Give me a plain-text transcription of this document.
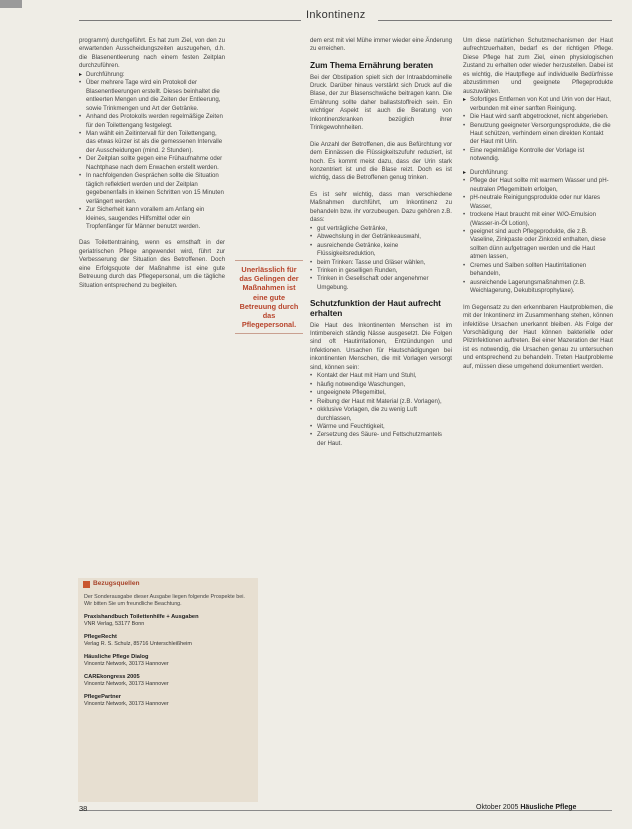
Inkontinenz

programm) durchgeführt. Es hat zum Ziel, von den zu erwartenden Ausscheidungszeiten auszugehen, d.h. die Blasenentleerung nach einem festen Zeitplan durchzuführen.

▸ Durchführung:
• Über mehrere Tage wird ein Protokoll der Blasenentleerungen erstellt. Dieses beinhaltet die entleerten Mengen und die Zeiten der Entleerung, sowie Trinkmengen und Art der Getränke.
• Anhand des Protokolls werden regelmäßige Zeiten für den Toilettengang festgelegt.
• Man wählt ein Zeitintervall für den Toilettengang, das etwas kürzer ist als die gemessenen Intervalle der Ausscheidungen (mind. 2 Stunden).
• Der Zeitplan sollte gegen eine Frühaufnahme oder Nachtphase nach dem Erwachen erstellt werden.
• In nachfolgenden Gesprächen sollte die Situation täglich reflektiert werden und der Zeitplan gegebenenfalls in kleinen Schritten von 15 Minuten verlängert werden.
• Zur Sicherheit kann vorallem am Anfang ein kleines, saugendes Hilfsmittel oder ein Tropfenfänger für Männer benutzt werden.

Das Toilettentraining, wenn es ernsthaft in der geriatrischen Pflege angewendet wird, führt zur Verbesserung der Situation des Betroffenen. Doch eine Erfolgsquote der Maßnahme ist eine gute Betreuung durch das Pflegepersonal, um die tägliche Situation entsprechend zu begleiten.

Unerlässlich für das Gelingen der Maßnahmen ist eine gute Betreuung durch das Pflegepersonal.

dem erst mit viel Mühe immer wieder eine Änderung zu erreichen.

Zum Thema Ernährung beraten

Bei der Obstipation spielt sich der Intraabdominelle Druck. Darüber hinaus verstärkt sich Druck auf die Blase, der zur Blasenschwäche beitragen kann. Die Ernährung sollte daher ballaststoffreich sein. Ein wichtiger Aspekt ist auch die Beratung von Inkontinenzkranken bezüglich ihrer Trinkgewohnheiten.

Die Anzahl der Betroffenen, die aus Befürchtung vor dem Einnässen die Flüssigkeitszufuhr reduziert, ist hoch. Es kommt meist dazu, dass der Urin stark konzentriert ist und die Blase reizt. Doch es ist wichtig, dass die Betroffenen genug trinken.

Es ist sehr wichtig, dass man verschiedene Maßnahmen durchführt, um Inkontinenz zu behandeln bzw. ihr vorzubeugen. Dazu gehören z.B. dass:

• gut verträgliche Getränke,
• Abwechslung in der Getränkeauswahl,
• ausreichende Getränke, keine Flüssigkeitsreduktion,
• beim Trinken: Tasse und Gläser wählen,
• Trinken in geselligen Runden,
• Trinken in Gesellschaft oder angenehmer Umgebung.
Schutzfunktion der Haut aufrecht erhalten

Die Haut des Inkontinenten Menschen ist im Intimbereich ständig Nässe ausgesetzt. Die Folgen sind oft Hautirritationen, Entzündungen und Infektionen. Ursachen für Hautschädigungen bei inkontinenten Menschen, die mit Vorlagen versorgt sind, können sein:

• Kontakt der Haut mit Harn und Stuhl,
• häufig notwendige Waschungen,
• ungeeignete Pflegemittel,
• Reibung der Haut mit Material (z.B. Vorlagen),
• okklusive Vorlagen, die zu wenig Luft durchlassen,
• Wärme und Feuchtigkeit,
• Zersetzung des Säure- und Fettschutzmantels der Haut.

Um diese natürlichen Schutzmechanismen der Haut aufrechtzuerhalten, bedarf es der richtigen Pflege. Diese Pflege hat zum Ziel, einen physiologischen Zustand zu erhalten oder wieder herzustellen. Dabei ist es wichtig, die Hautpflege auf individuelle Bedürfnisse abzustimmen und geeignete Pflegeprodukte auszuwählen.

▸ Sofortiges Entfernen von Kot und Urin von der Haut, verbunden mit einer sanften Reinigung.
• Die Haut wird sanft abgetrocknet, nicht abgerieben.
• Benutzung geeigneter Versorgungsprodukte, die die Haut schützen, verhindern einen direkten Kontakt der Haut mit Urin.
• Eine regelmäßige Kontrolle der Vorlage ist notwendig.
▸ Durchführung:
• Pflege der Haut sollte mit warmem Wasser und pH-neutralen Pflegemitteln erfolgen,
• pH-neutrale Reinigungsprodukte oder nur klares Wasser,
• trockene Haut braucht mit einer W/O-Emulsion (Wasser-in-Öl Lotion),
• geeignet sind auch Pflegeprodukte, die z.B. Vaseline, Zinkpaste oder Zinkoxid enthalten, diese sollten dünn aufgetragen werden und die Haut atmen lassen,
• Cremes und Salben sollten Hautirritationen behandeln,
• ausreichende Lagerungsmaßnahmen (z.B. Weichlagerung, Dekubitusprophylaxe).

Im Gegensatz zu den erkennbaren Hautproblemen, die mit der Inkontinenz im Zusammenhang stehen, können infektiöse Ursachen unerkannt bleiben. Als Folge der Vorschädigung der Haut können bakterielle oder Pilzinfektionen auftreten. Bei einer Mazeration der Haut ist es notwendig, die Ursachen genau zu untersuchen und entsprechend zu behandeln. Treten Hautprobleme auf, müssen diese umgehend dokumentiert werden.

Bezugsquellen
Der Sonderausgabe dieser Ausgabe liegen folgende Prospekte bei. Wir bitten Sie um freundliche Beachtung.
Praxishandbuch Toilettenhilfe + Ausgaben
VNR Verlag, 53177 Bonn
PflegeRecht
Verlag R. S. Schulz, 85716 Unterschleißheim
Häusliche Pflege Dialog
Vincentz Network, 30173 Hannover
CAREkongress 2005
Vincentz Network, 30173 Hannover
PflegePartner
Vincentz Network, 30173 Hannover
38	Oktober 2005 Häusliche Pflege
